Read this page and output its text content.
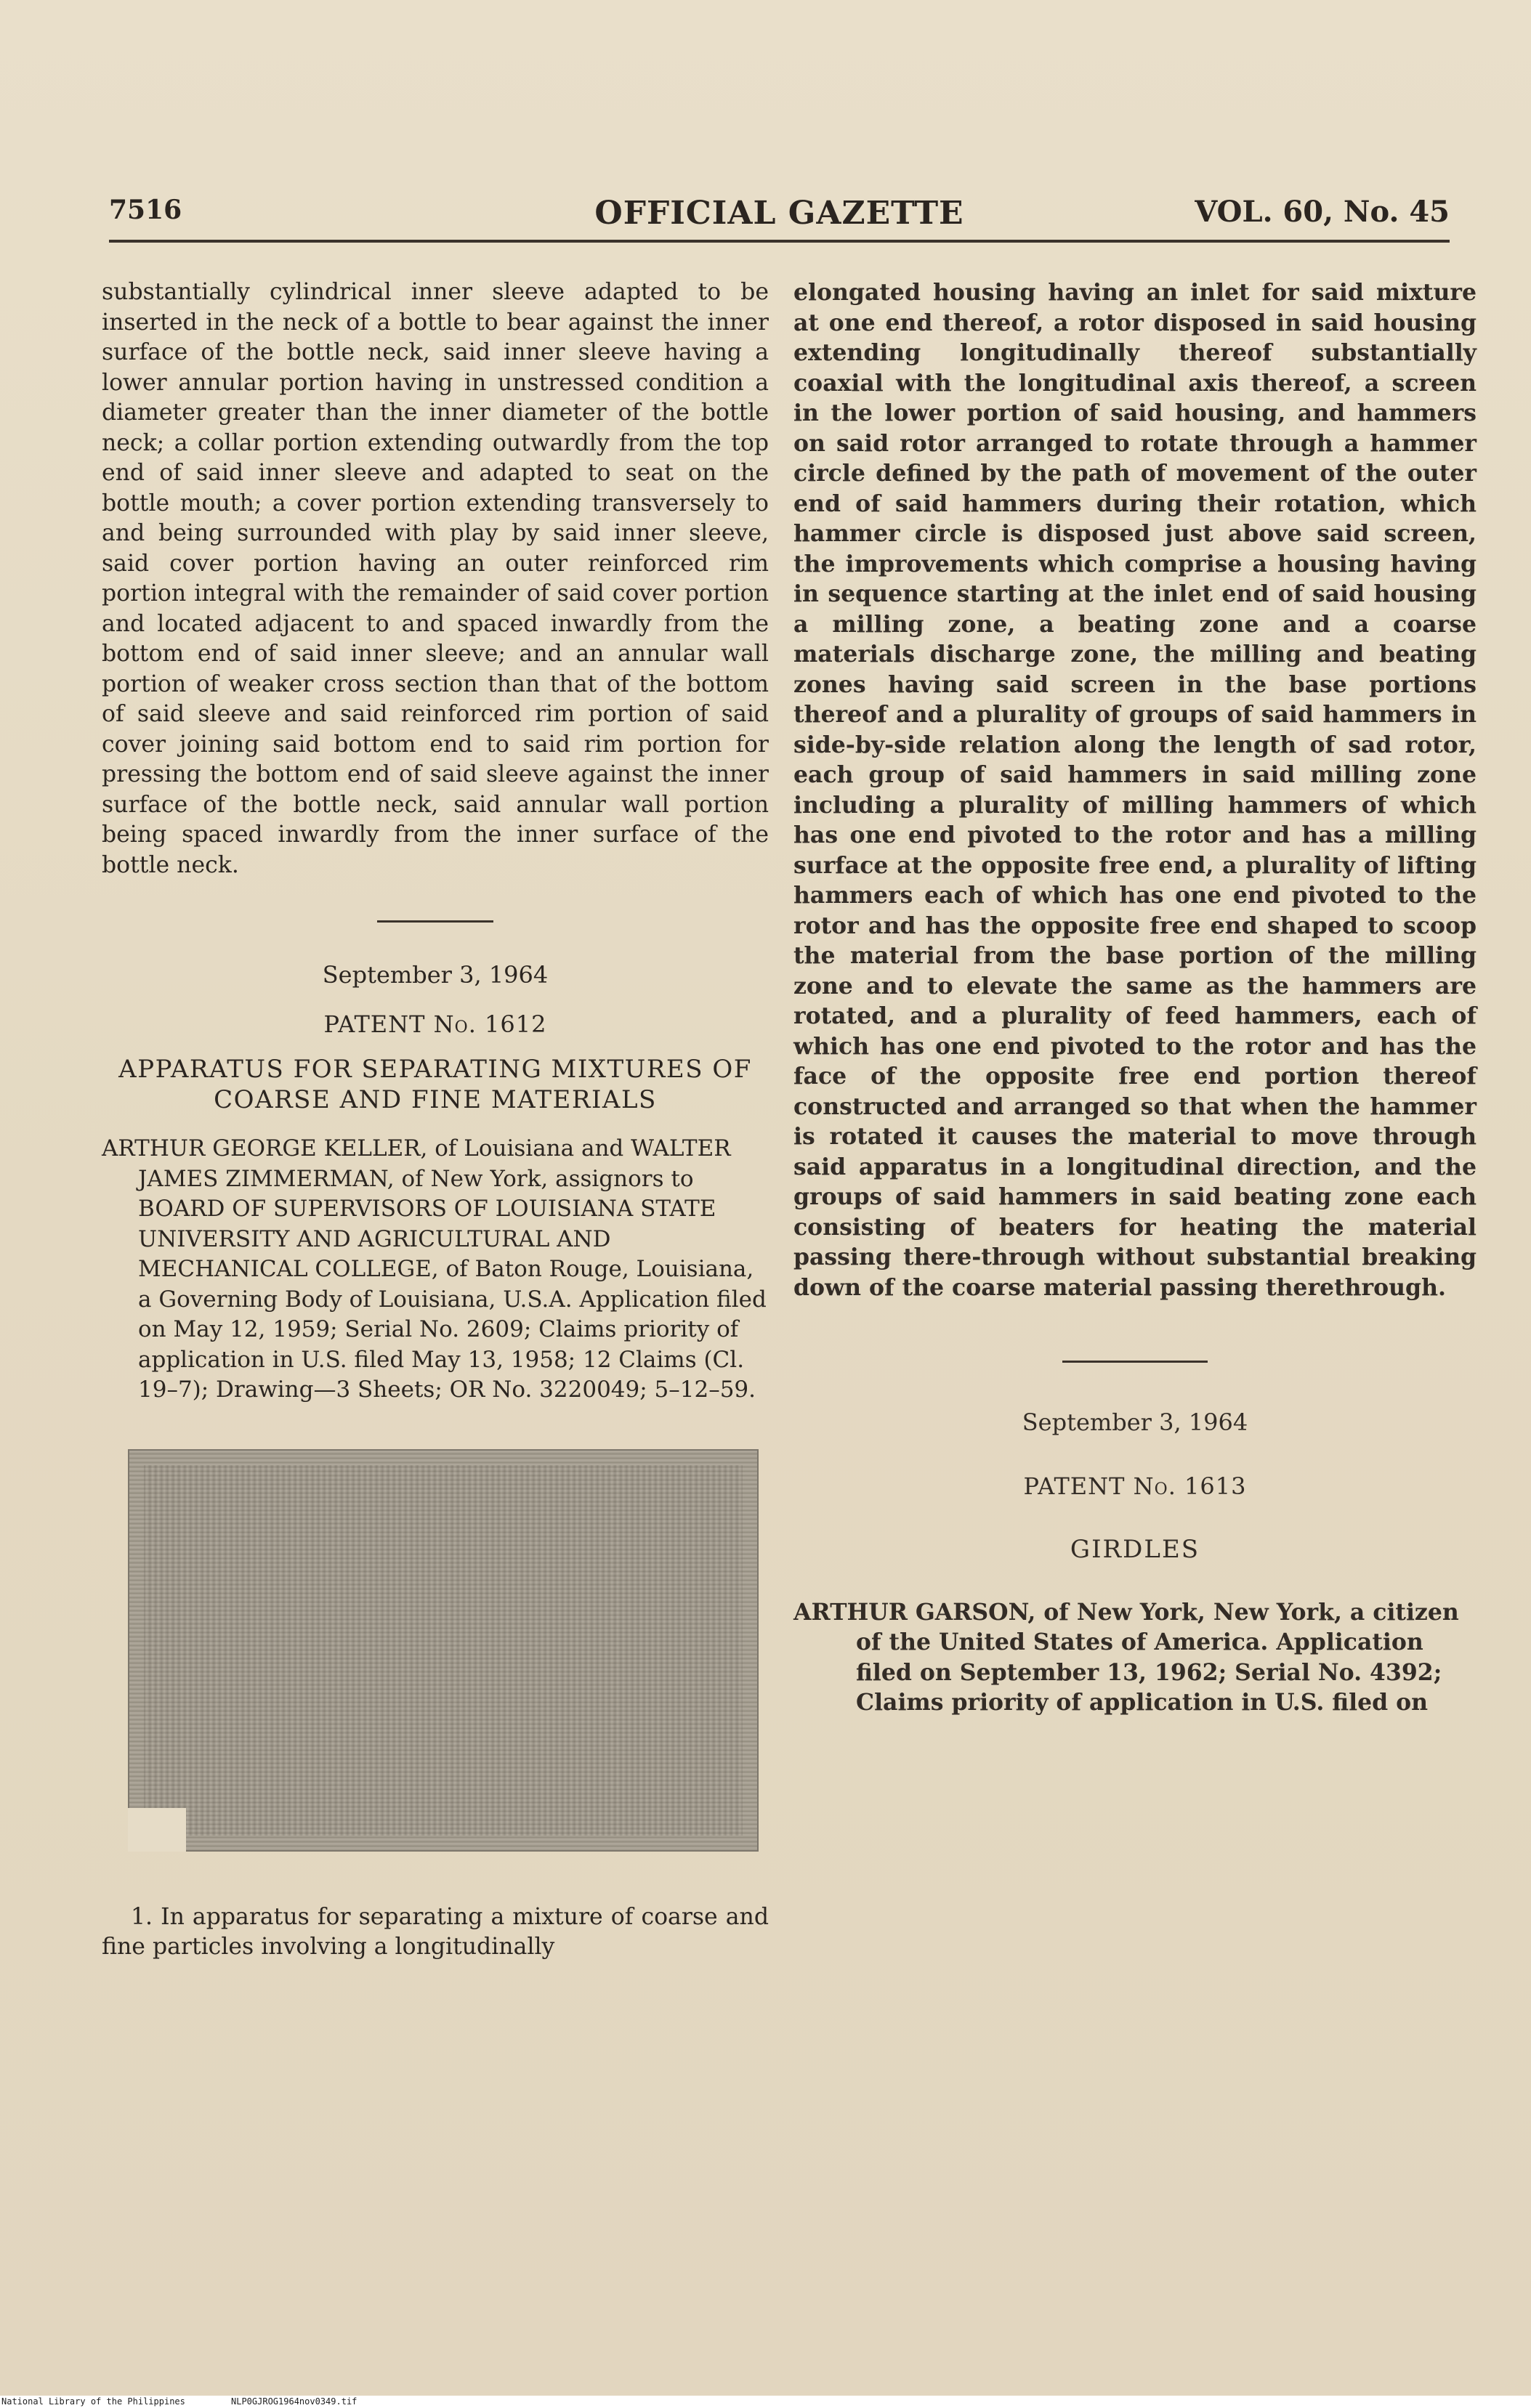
7516	OFFICIAL GAZETTE	VOL. 60, No. 45

substantially cylindrical inner sleeve adapted to be inserted in the neck of a bottle to bear against the inner surface of the bottle neck, said inner sleeve having a lower annular portion having in unstressed condition a diameter greater than the inner diameter of the bottle neck; a collar portion extending outwardly from the top end of said inner sleeve and adapted to seat on the bottle mouth; a cover portion extending transversely to and being surrounded with play by said inner sleeve, said cover portion having an outer reinforced rim portion integral with the remainder of said cover portion and located adjacent to and spaced inwardly from the bottom end of said inner sleeve; and an annular wall portion of weaker cross section than that of the bottom of said sleeve and said reinforced rim portion of said cover joining said bottom end to said rim portion for pressing the bottom end of said sleeve against the inner surface of the bottle neck, said annular wall portion being spaced inwardly from the inner surface of the bottle neck.

September 3, 1964
PATENT No. 1612
APPARATUS FOR SEPARATING MIXTURES OF COARSE AND FINE MATERIALS

ARTHUR GEORGE KELLER, of Louisiana and WALTER JAMES ZIMMERMAN, of New York, assignors to BOARD OF SUPERVISORS OF LOUISIANA STATE UNIVERSITY AND AGRICULTURAL AND MECHANICAL COLLEGE, of Baton Rouge, Louisiana, a Governing Body of Louisiana, U.S.A. Application filed on May 12, 1959; Serial No. 2609; Claims priority of application in U.S. filed May 13, 1958; 12 Claims (Cl. 19–7); Drawing—3 Sheets; OR No. 3220049; 5–12–59.

1. In apparatus for separating a mixture of coarse and fine particles involving a longitudinally

elongated housing having an inlet for said mixture at one end thereof, a rotor disposed in said housing extending longitudinally thereof substantially coaxial with the longitudinal axis thereof, a screen in the lower portion of said housing, and hammers on said rotor arranged to rotate through a hammer circle defined by the path of movement of the outer end of said hammers during their rotation, which hammer circle is disposed just above said screen, the improvements which comprise a housing having in sequence starting at the inlet end of said housing a milling zone, a beating zone and a coarse materials discharge zone, the milling and beating zones having said screen in the base portions thereof and a plurality of groups of said hammers in side-by-side relation along the length of sad rotor, each group of said hammers in said milling zone including a plurality of milling hammers of which has one end pivoted to the rotor and has a milling surface at the opposite free end, a plurality of lifting hammers each of which has one end pivoted to the rotor and has the opposite free end shaped to scoop the material from the base portion of the milling zone and to elevate the same as the hammers are rotated, and a plurality of feed hammers, each of which has one end pivoted to the rotor and has the face of the opposite free end portion thereof constructed and arranged so that when the hammer is rotated it causes the material to move through said apparatus in a longitudinal direction, and the groups of said hammers in said beating zone each consisting of beaters for heating the material passing there-through without substantial breaking down of the coarse material passing therethrough.

September 3, 1964
PATENT No. 1613
GIRDLES

ARTHUR GARSON, of New York, New York, a citizen of the United States of America. Application filed on September 13, 1962; Serial No. 4392; Claims priority of application in U.S. filed on

National Library of the Philippines	NLP0GJROG1964nov0349.tif
